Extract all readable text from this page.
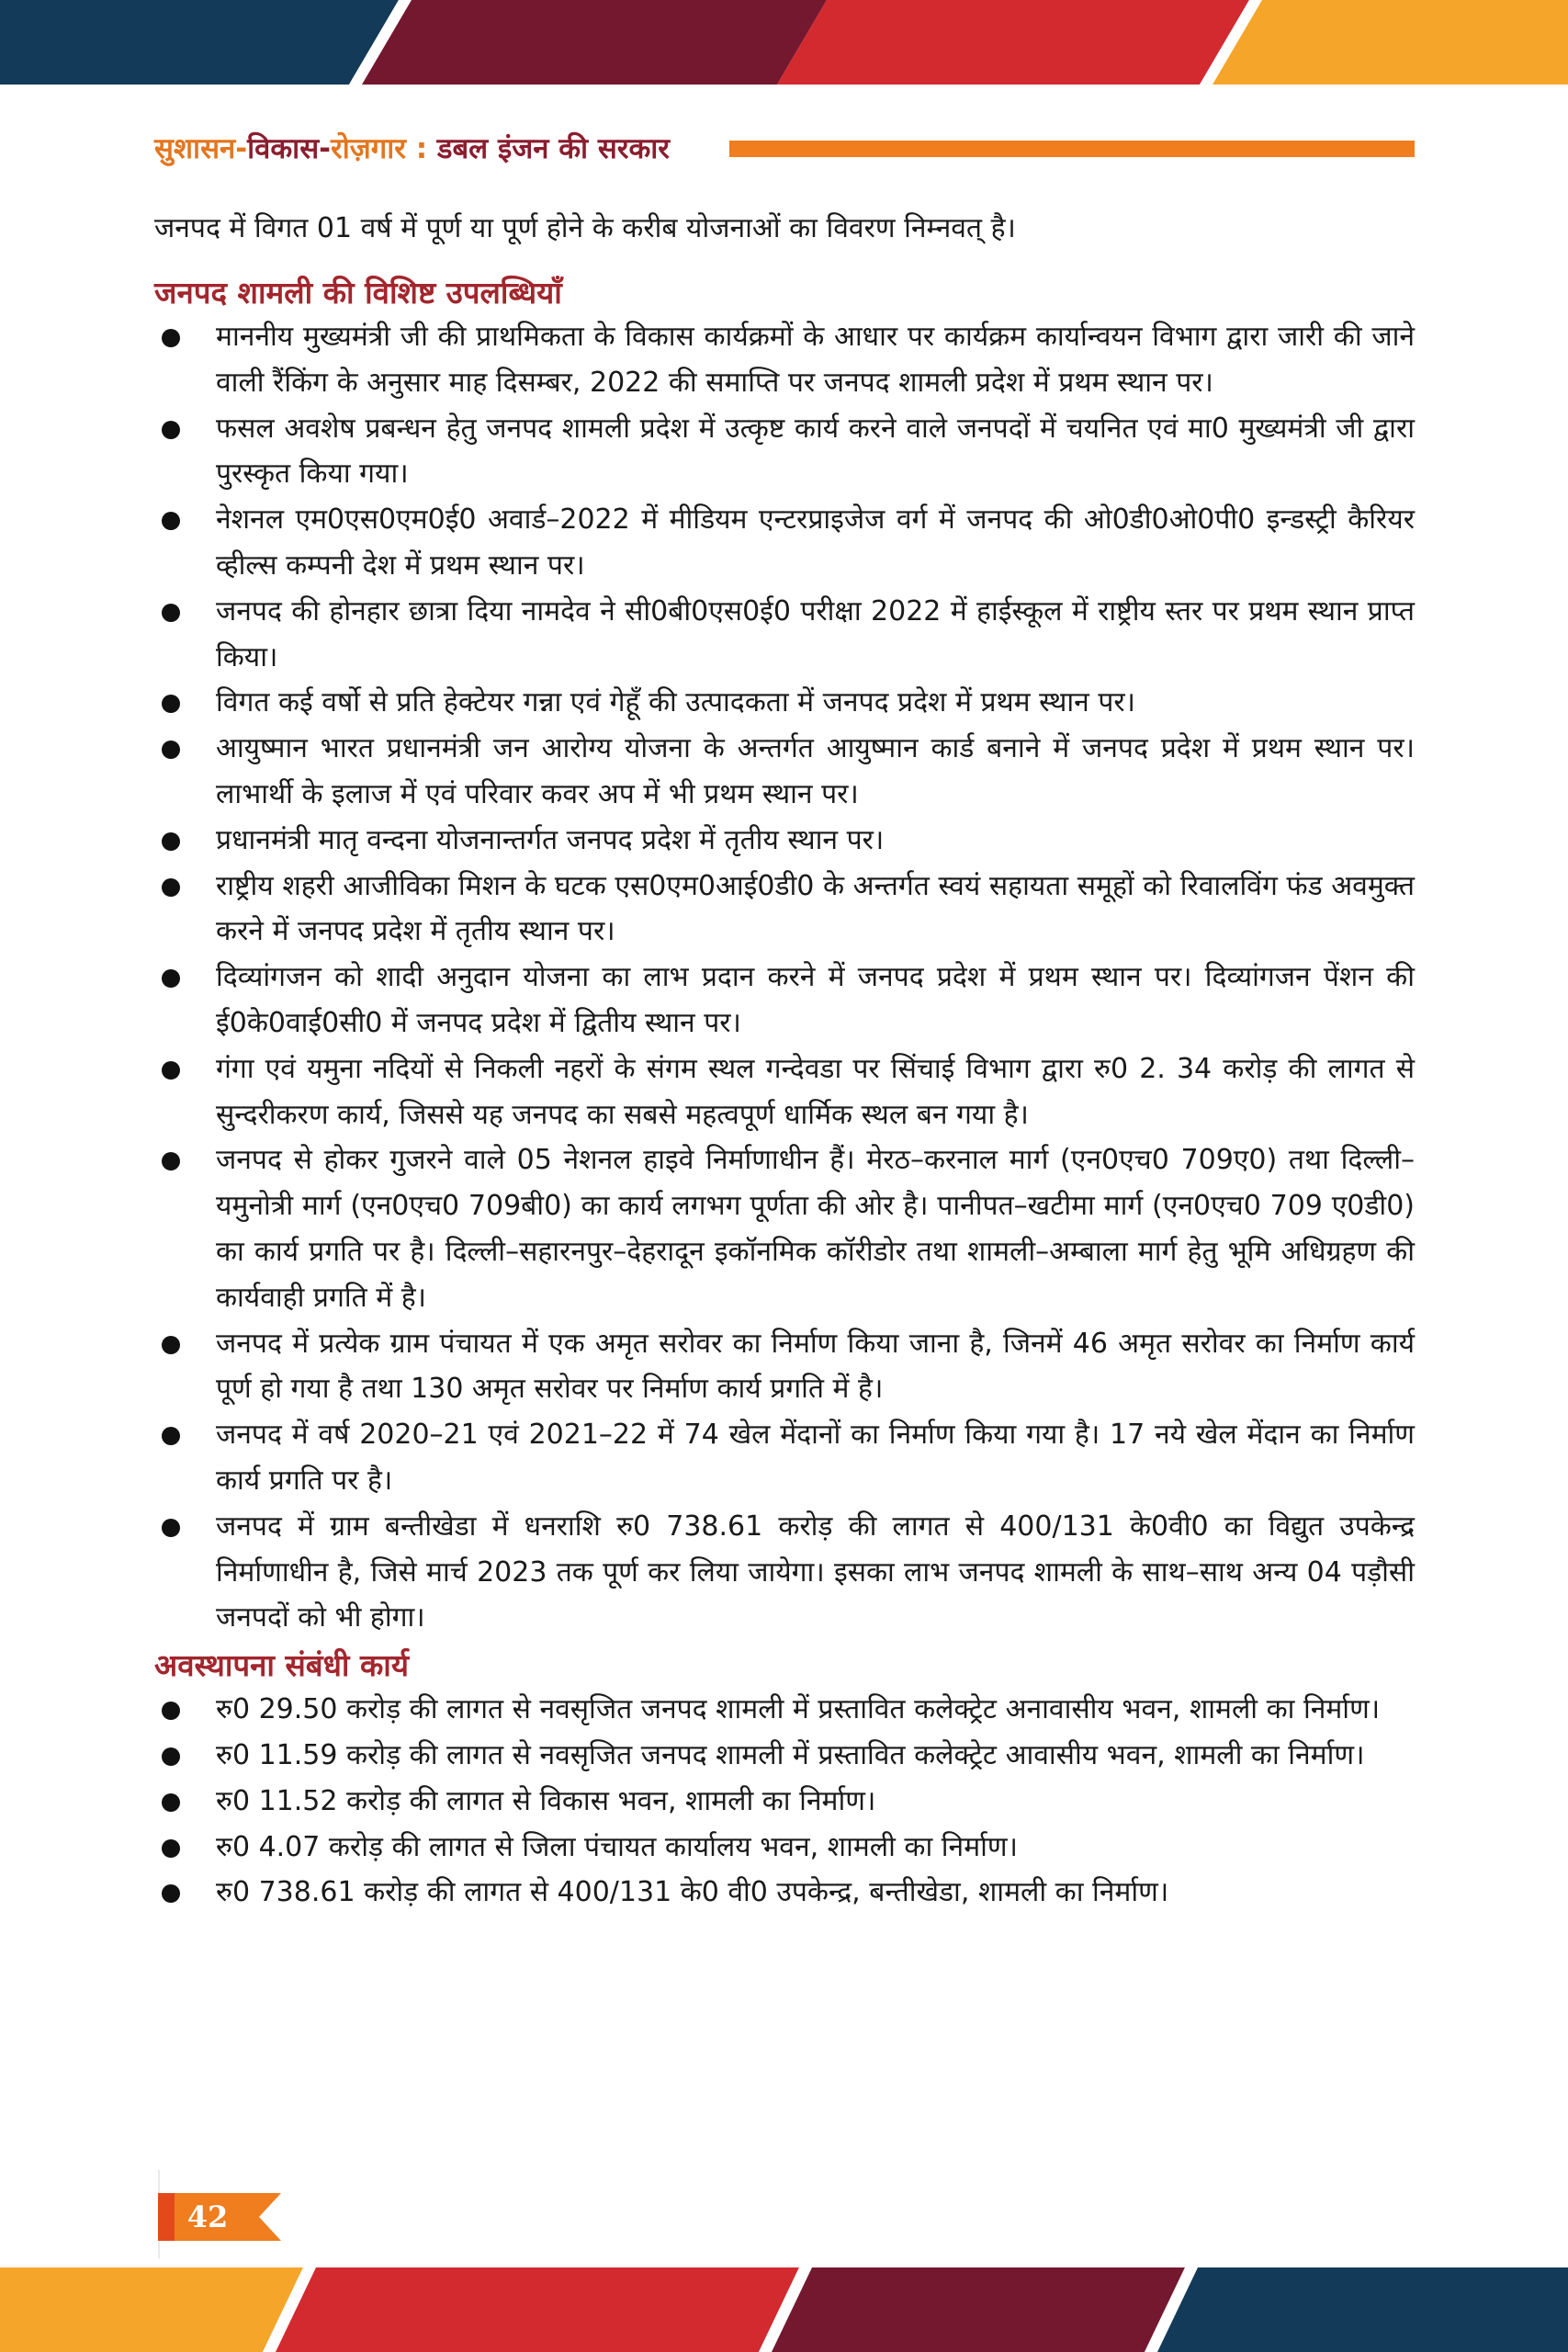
सुशासन-विकास-रोज़गार : डबल इंजन की सरकार

जनपद में विगत 01 वर्ष में पूर्ण या पूर्ण होने के करीब योजनाओं का विवरण निम्नवत् है।

जनपद शामली की विशिष्ट उपलब्धियाँ
माननीय मुख्यमंत्री जी की प्राथमिकता के विकास कार्यक्रमों के आधार पर कार्यक्रम कार्यान्वयन विभाग द्वारा जारी की जाने वाली रैंकिंग के अनुसार माह दिसम्बर, 2022 की समाप्ति पर जनपद शामली प्रदेश में प्रथम स्थान पर।
फसल अवशेष प्रबन्धन हेतु जनपद शामली प्रदेश में उत्कृष्ट कार्य करने वाले जनपदों में चयनित एवं मा0 मुख्यमंत्री जी द्वारा पुरस्कृत किया गया।
नेशनल एम0एस0एम0ई0 अवार्ड–2022 में मीडियम एन्टरप्राइजेज वर्ग में जनपद की ओ0डी0ओ0पी0 इन्डस्ट्री कैरियर व्हील्स कम्पनी देश में प्रथम स्थान पर।
जनपद की होनहार छात्रा दिया नामदेव ने सी0बी0एस0ई0 परीक्षा 2022 में हाईस्कूल में राष्ट्रीय स्तर पर प्रथम स्थान प्राप्त किया।
विगत कई वर्षो से प्रति हेक्टेयर गन्ना एवं गेहूँ की उत्पादकता में जनपद प्रदेश में प्रथम स्थान पर।
आयुष्मान भारत प्रधानमंत्री जन आरोग्य योजना के अन्तर्गत आयुष्मान कार्ड बनाने में जनपद प्रदेश में प्रथम स्थान पर। लाभार्थी के इलाज में एवं परिवार कवर अप में भी प्रथम स्थान पर।
प्रधानमंत्री मातृ वन्दना योजनान्तर्गत जनपद प्रदेश में तृतीय स्थान पर।
राष्ट्रीय शहरी आजीविका मिशन के घटक एस0एम0आई0डी0 के अन्तर्गत स्वयं सहायता समूहों को रिवालविंग फंड अवमुक्त करने में जनपद प्रदेश में तृतीय स्थान पर।
दिव्यांगजन को शादी अनुदान योजना का लाभ प्रदान करने में जनपद प्रदेश में प्रथम स्थान पर। दिव्यांगजन पेंशन की ई0के0वाई0सी0 में जनपद प्रदेश में द्वितीय स्थान पर।
गंगा एवं यमुना नदियों से निकली नहरों के संगम स्थल गन्देवडा पर सिंचाई विभाग द्वारा रु0 2. 34 करोड़ की लागत से सुन्दरीकरण कार्य, जिससे यह जनपद का सबसे महत्वपूर्ण धार्मिक स्थल बन गया है।
जनपद से होकर गुजरने वाले 05 नेशनल हाइवे निर्माणाधीन हैं। मेरठ–करनाल मार्ग (एन0एच0 709ए0) तथा दिल्ली–यमुनोत्री मार्ग (एन0एच0 709बी0) का कार्य लगभग पूर्णता की ओर है। पानीपत–खटीमा मार्ग (एन0एच0 709 ए0डी0) का कार्य प्रगति पर है। दिल्ली–सहारनपुर–देहरादून इकॉनमिक कॉरीडोर तथा शामली–अम्बाला मार्ग हेतु भूमि अधिग्रहण की कार्यवाही प्रगति में है।
जनपद में प्रत्येक ग्राम पंचायत में एक अमृत सरोवर का निर्माण किया जाना है, जिनमें 46 अमृत सरोवर का निर्माण कार्य पूर्ण हो गया है तथा 130 अमृत सरोवर पर निर्माण कार्य प्रगति में है।
जनपद में वर्ष 2020–21 एवं 2021–22 में 74 खेल मेंदानों का निर्माण किया गया है। 17 नये खेल मेंदान का निर्माण कार्य प्रगति पर है।
जनपद में ग्राम बन्तीखेडा में धनराशि रु0 738.61 करोड़ की लागत से 400/131 के0वी0 का विद्युत उपकेन्द्र निर्माणाधीन है, जिसे मार्च 2023 तक पूर्ण कर लिया जायेगा। इसका लाभ जनपद शामली के साथ–साथ अन्य 04 पड़ौसी जनपदों को भी होगा।
अवस्थापना संबंधी कार्य
रु0 29.50 करोड़ की लागत से नवसृजित जनपद शामली में प्रस्तावित कलेक्ट्रेट अनावासीय भवन, शामली का निर्माण।
रु0 11.59 करोड़ की लागत से नवसृजित जनपद शामली में प्रस्तावित कलेक्ट्रेट आवासीय भवन, शामली का निर्माण।
रु0 11.52 करोड़ की लागत से विकास भवन, शामली का निर्माण।
रु0 4.07 करोड़ की लागत से जिला पंचायत कार्यालय भवन, शामली का निर्माण।
रु0 738.61 करोड़ की लागत से 400/131 के0 वी0 उपकेन्द्र, बन्तीखेडा, शामली का निर्माण।
42
